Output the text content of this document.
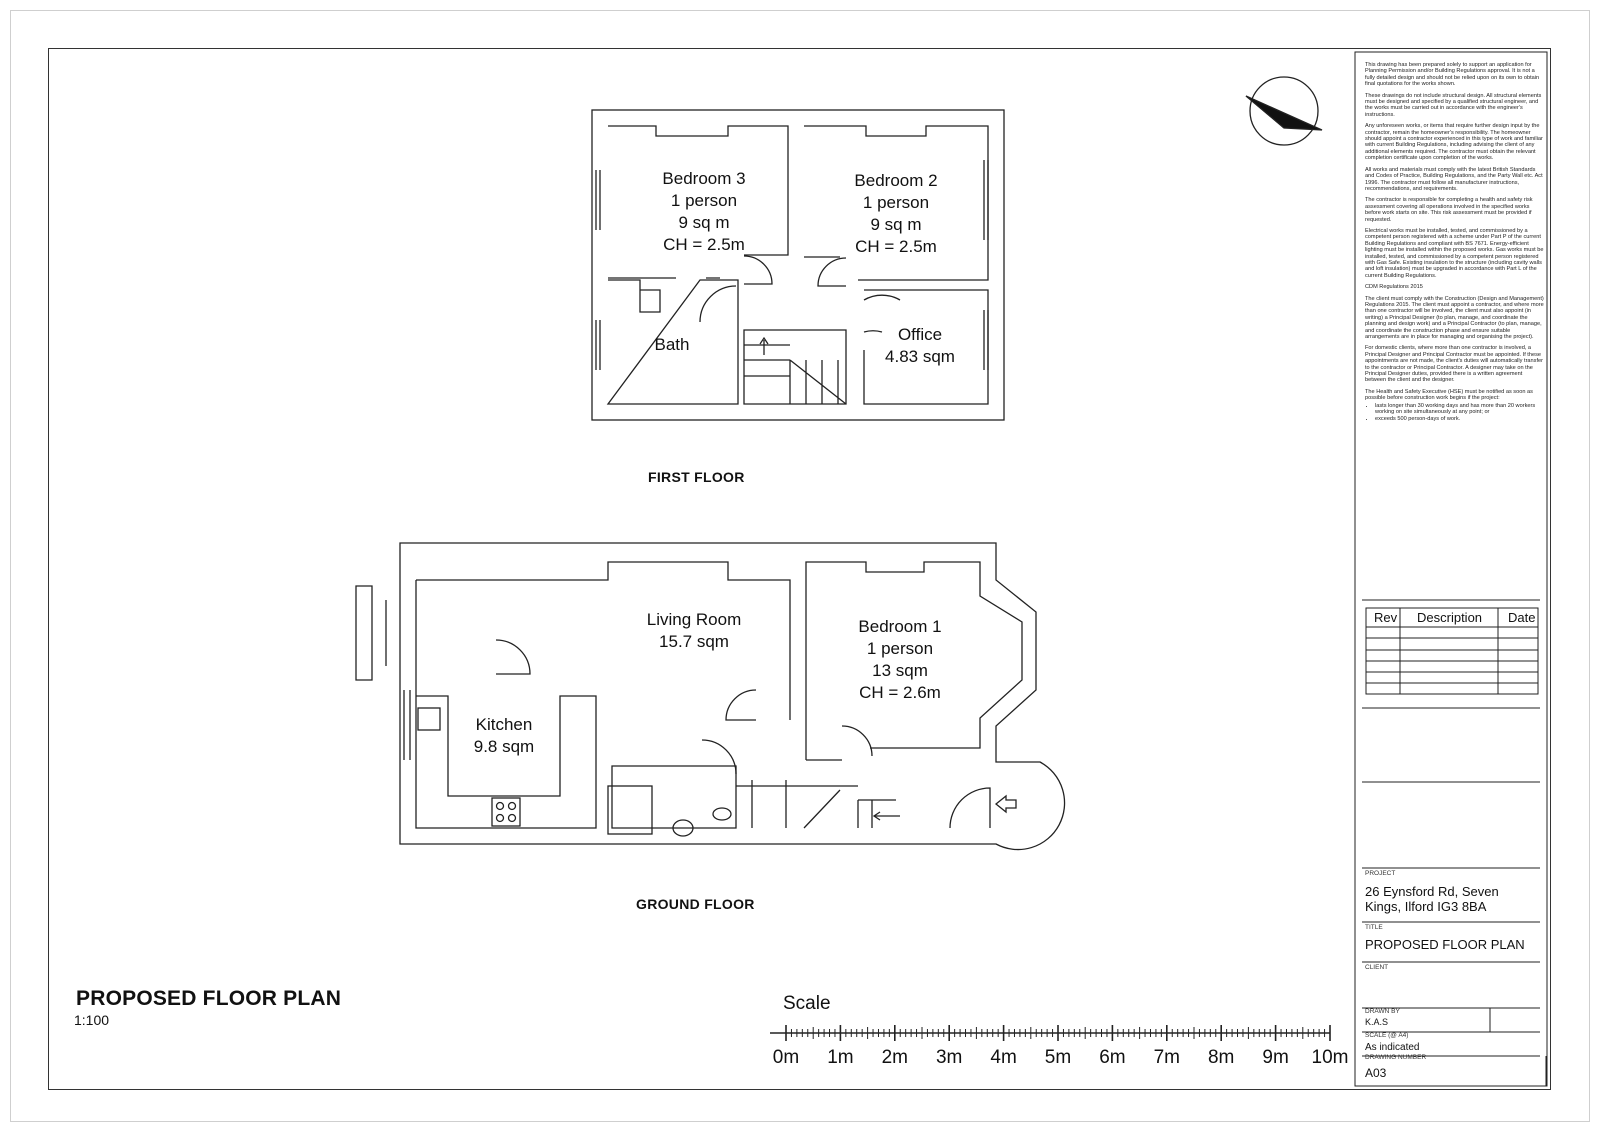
Bedroom 3
1 person
9 sq m
CH = 2.5m
Bedroom 2
1 person
9 sq m
CH = 2.5m
Bath
Office
4.83 sqm
FIRST FLOOR
Living Room
15.7 sqm
Bedroom 1
1 person
13 sqm
CH = 2.6m
Kitchen
9.8 sqm
GROUND FLOOR
PROPOSED FLOOR PLAN
1:100
Scale
0m 1m 2m 3m 4m 5m 6m 7m 8m 9m 10m

This drawing has been prepared solely to support an application for Planning Permission and/or Building Regulations approval. It is not a fully detailed design and should not be relied upon on its own to obtain final quotations for the works shown.

These drawings do not include structural design. All structural elements must be designed and specified by a qualified structural engineer, and the works must be carried out in accordance with the engineer's instructions.

Any unforeseen works, or items that require further design input by the contractor, remain the homeowner's responsibility. The homeowner should appoint a contractor experienced in this type of work and familiar with current Building Regulations, including advising the client of any additional elements required. The contractor must obtain the relevant completion certificate upon completion of the works.

All works and materials must comply with the latest British Standards and Codes of Practice, Building Regulations, and the Party Wall etc. Act 1996. The contractor must follow all manufacturer instructions, recommendations, and requirements.

The contractor is responsible for completing a health and safety risk assessment covering all operations involved in the specified works before work starts on site. This risk assessment must be provided if requested.

Electrical works must be installed, tested, and commissioned by a competent person registered with a scheme under Part P of the current Building Regulations and compliant with BS 7671. Energy-efficient lighting must be installed within the proposed works. Gas works must be installed, tested, and commissioned by a competent person registered with Gas Safe. Existing insulation to the structure (including cavity walls and loft insulation) must be upgraded in accordance with Part L of the current Building Regulations.

CDM Regulations 2015

The client must comply with the Construction (Design and Management) Regulations 2015. The client must appoint a contractor, and where more than one contractor will be involved, the client must also appoint (in writing) a Principal Designer (to plan, manage, and coordinate the planning and design work) and a Principal Contractor (to plan, manage, and coordinate the construction phase and ensure suitable arrangements are in place for managing and organising the project).

For domestic clients, where more than one contractor is involved, a Principal Designer and Principal Contractor must be appointed. If these appointments are not made, the client's duties will automatically transfer to the contractor or Principal Contractor. A designer may take on the Principal Designer duties, provided there is a written agreement between the client and the designer.

The Health and Safety Executive (HSE) must be notified as soon as possible before construction work begins if the project:

• lasts longer than 30 working days and has more than 20 workers working on site simultaneously at any point; or
• exceeds 500 person-days of work.
Rev Description Date
PROJECT
26 Eynsford Rd, Seven
Kings, Ilford IG3 8BA
TITLE
PROPOSED FLOOR PLAN
CLIENT
DRAWN BY
K.A.S
SCALE (@ A4)
As indicated
DRAWING NUMBER
A03
